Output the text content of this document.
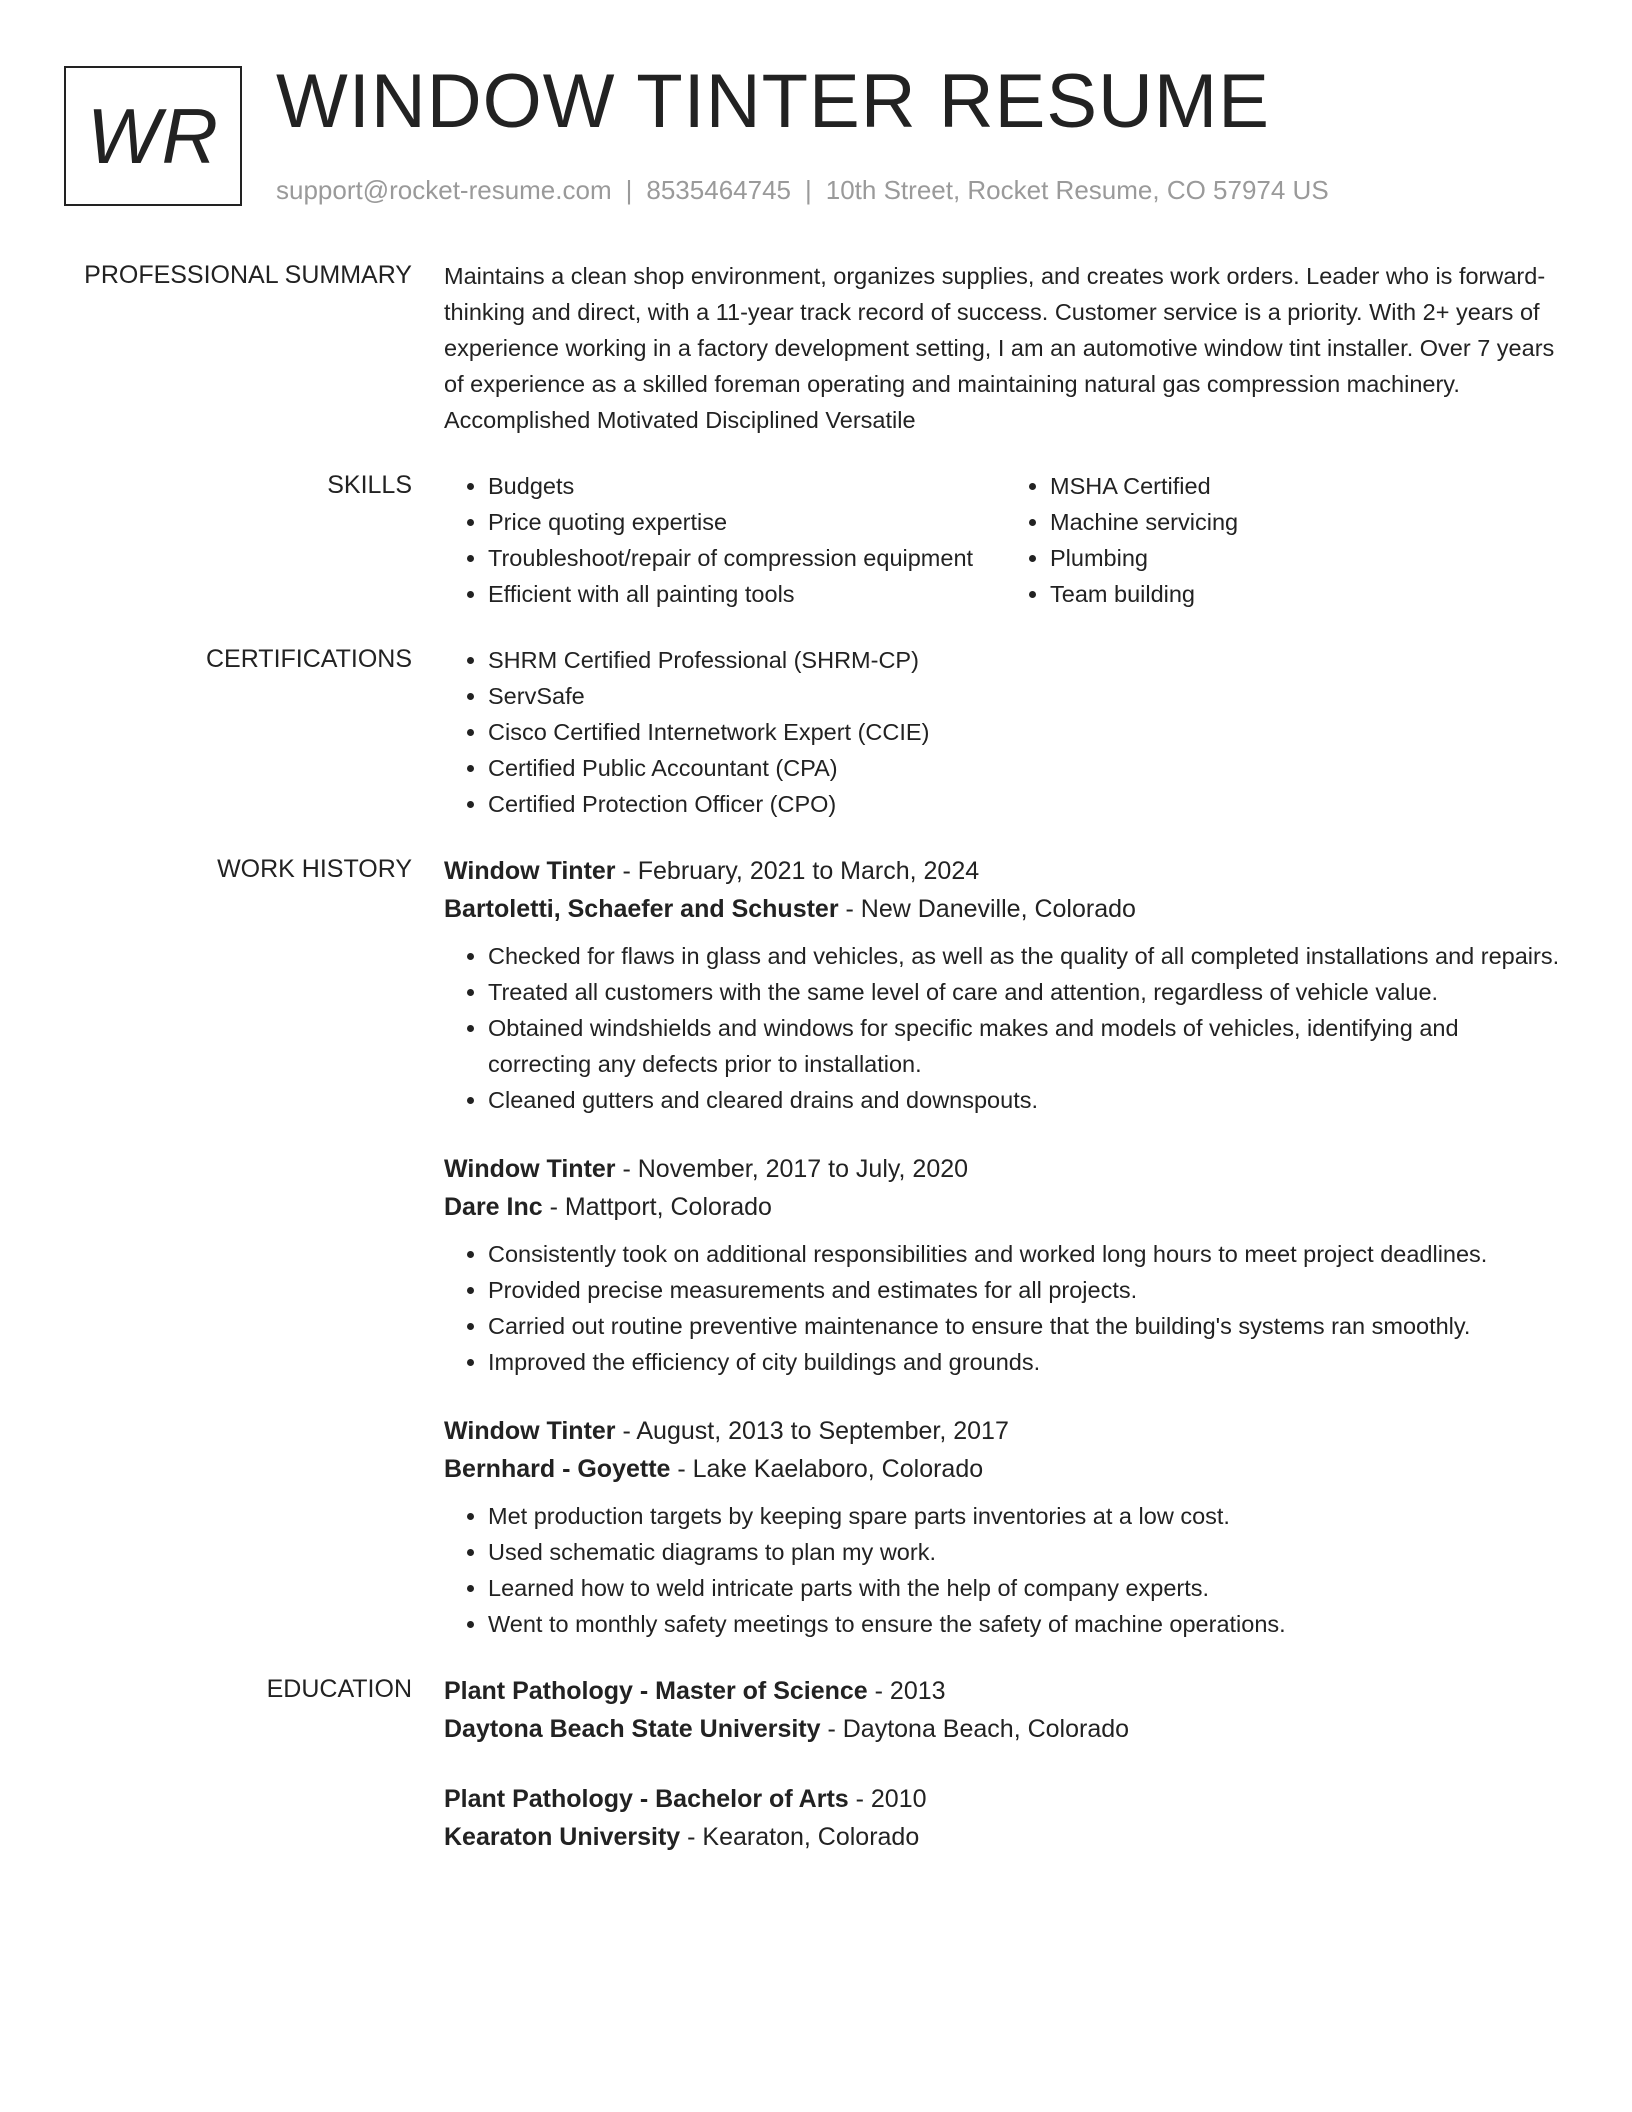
WR WINDOW TINTER RESUME
support@rocket-resume.com | 8535464745 | 10th Street, Rocket Resume, CO 57974 US
PROFESSIONAL SUMMARY Maintains a clean shop environment, organizes supplies, and creates work orders. Leader who is forward-thinking and direct, with a 11-year track record of success. Customer service is a priority. With 2+ years of experience working in a factory development setting, I am an automotive window tint installer. Over 7 years of experience as a skilled foreman operating and maintaining natural gas compression machinery. Accomplished Motivated Disciplined Versatile

SKILLS	• Budgets
• Price quoting expertise
• Troubleshoot/repair of compression equipment
• Efficient with all painting tools
• MSHA Certified
• Machine servicing
• Plumbing
• Team building
CERTIFICATIONS	• SHRM Certified Professional (SHRM-CP)
• ServSafe
• Cisco Certified Internetwork Expert (CCIE)
• Certified Public Accountant (CPA)
• Certified Protection Officer (CPO)
WORK HISTORY Window Tinter - February, 2021 to March, 2024
Bartoletti, Schaefer and Schuster - New Daneville, Colorado
• Checked for flaws in glass and vehicles, as well as the quality of all completed installations and repairs.
• Treated all customers with the same level of care and attention, regardless of vehicle value.
• Obtained windshields and windows for specific makes and models of vehicles, identifying and correcting any defects prior to installation.
• Cleaned gutters and cleared drains and downspouts.
Window Tinter - November, 2017 to July, 2020
Dare Inc - Mattport, Colorado
• Consistently took on additional responsibilities and worked long hours to meet project deadlines.
• Provided precise measurements and estimates for all projects.
• Carried out routine preventive maintenance to ensure that the building's systems ran smoothly.
• Improved the efficiency of city buildings and grounds.
Window Tinter - August, 2013 to September, 2017
Bernhard - Goyette - Lake Kaelaboro, Colorado
• Met production targets by keeping spare parts inventories at a low cost.
• Used schematic diagrams to plan my work.
• Learned how to weld intricate parts with the help of company experts.
• Went to monthly safety meetings to ensure the safety of machine operations.
EDUCATION Plant Pathology - Master of Science - 2013
Daytona Beach State University - Daytona Beach, Colorado
Plant Pathology - Bachelor of Arts - 2010
Kearaton University - Kearaton, Colorado
